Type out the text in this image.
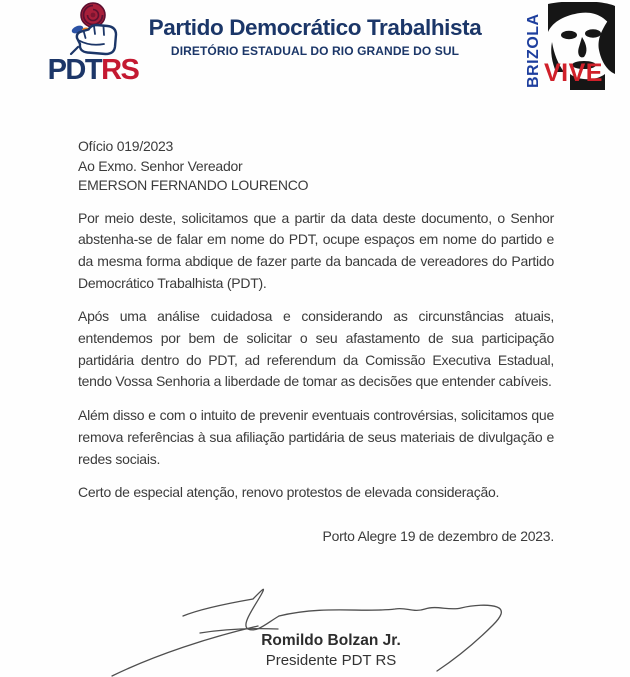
PDTRS
Partido Democrático Trabalhista
DIRETÓRIO ESTADUAL DO RIO GRANDE DO SUL	BRIZOLA VIVE

Ofício 019/2023

Ao Exmo. Senhor Vereador

EMERSON FERNANDO LOURENCO

Por meio deste, solicitamos que a partir da data deste documento, o Senhor abstenha-se de falar em nome do PDT, ocupe espaços em nome do partido e da mesma forma abdique de fazer parte da bancada de vereadores do Partido Democrático Trabalhista (PDT).

Após uma análise cuidadosa e considerando as circunstâncias atuais, entendemos por bem de solicitar o seu afastamento de sua participação partidária dentro do PDT, ad referendum da Comissão Executiva Estadual, tendo Vossa Senhoria a liberdade de tomar as decisões que entender cabíveis.

Além disso e com o intuito de prevenir eventuais controvérsias, solicitamos que remova referências à sua afiliação partidária de seus materiais de divulgação e redes sociais.

Certo de especial atenção, renovo protestos de elevada consideração.

Porto Alegre 19 de dezembro de 2023.

Romildo Bolzan Jr.

Presidente PDT RS
